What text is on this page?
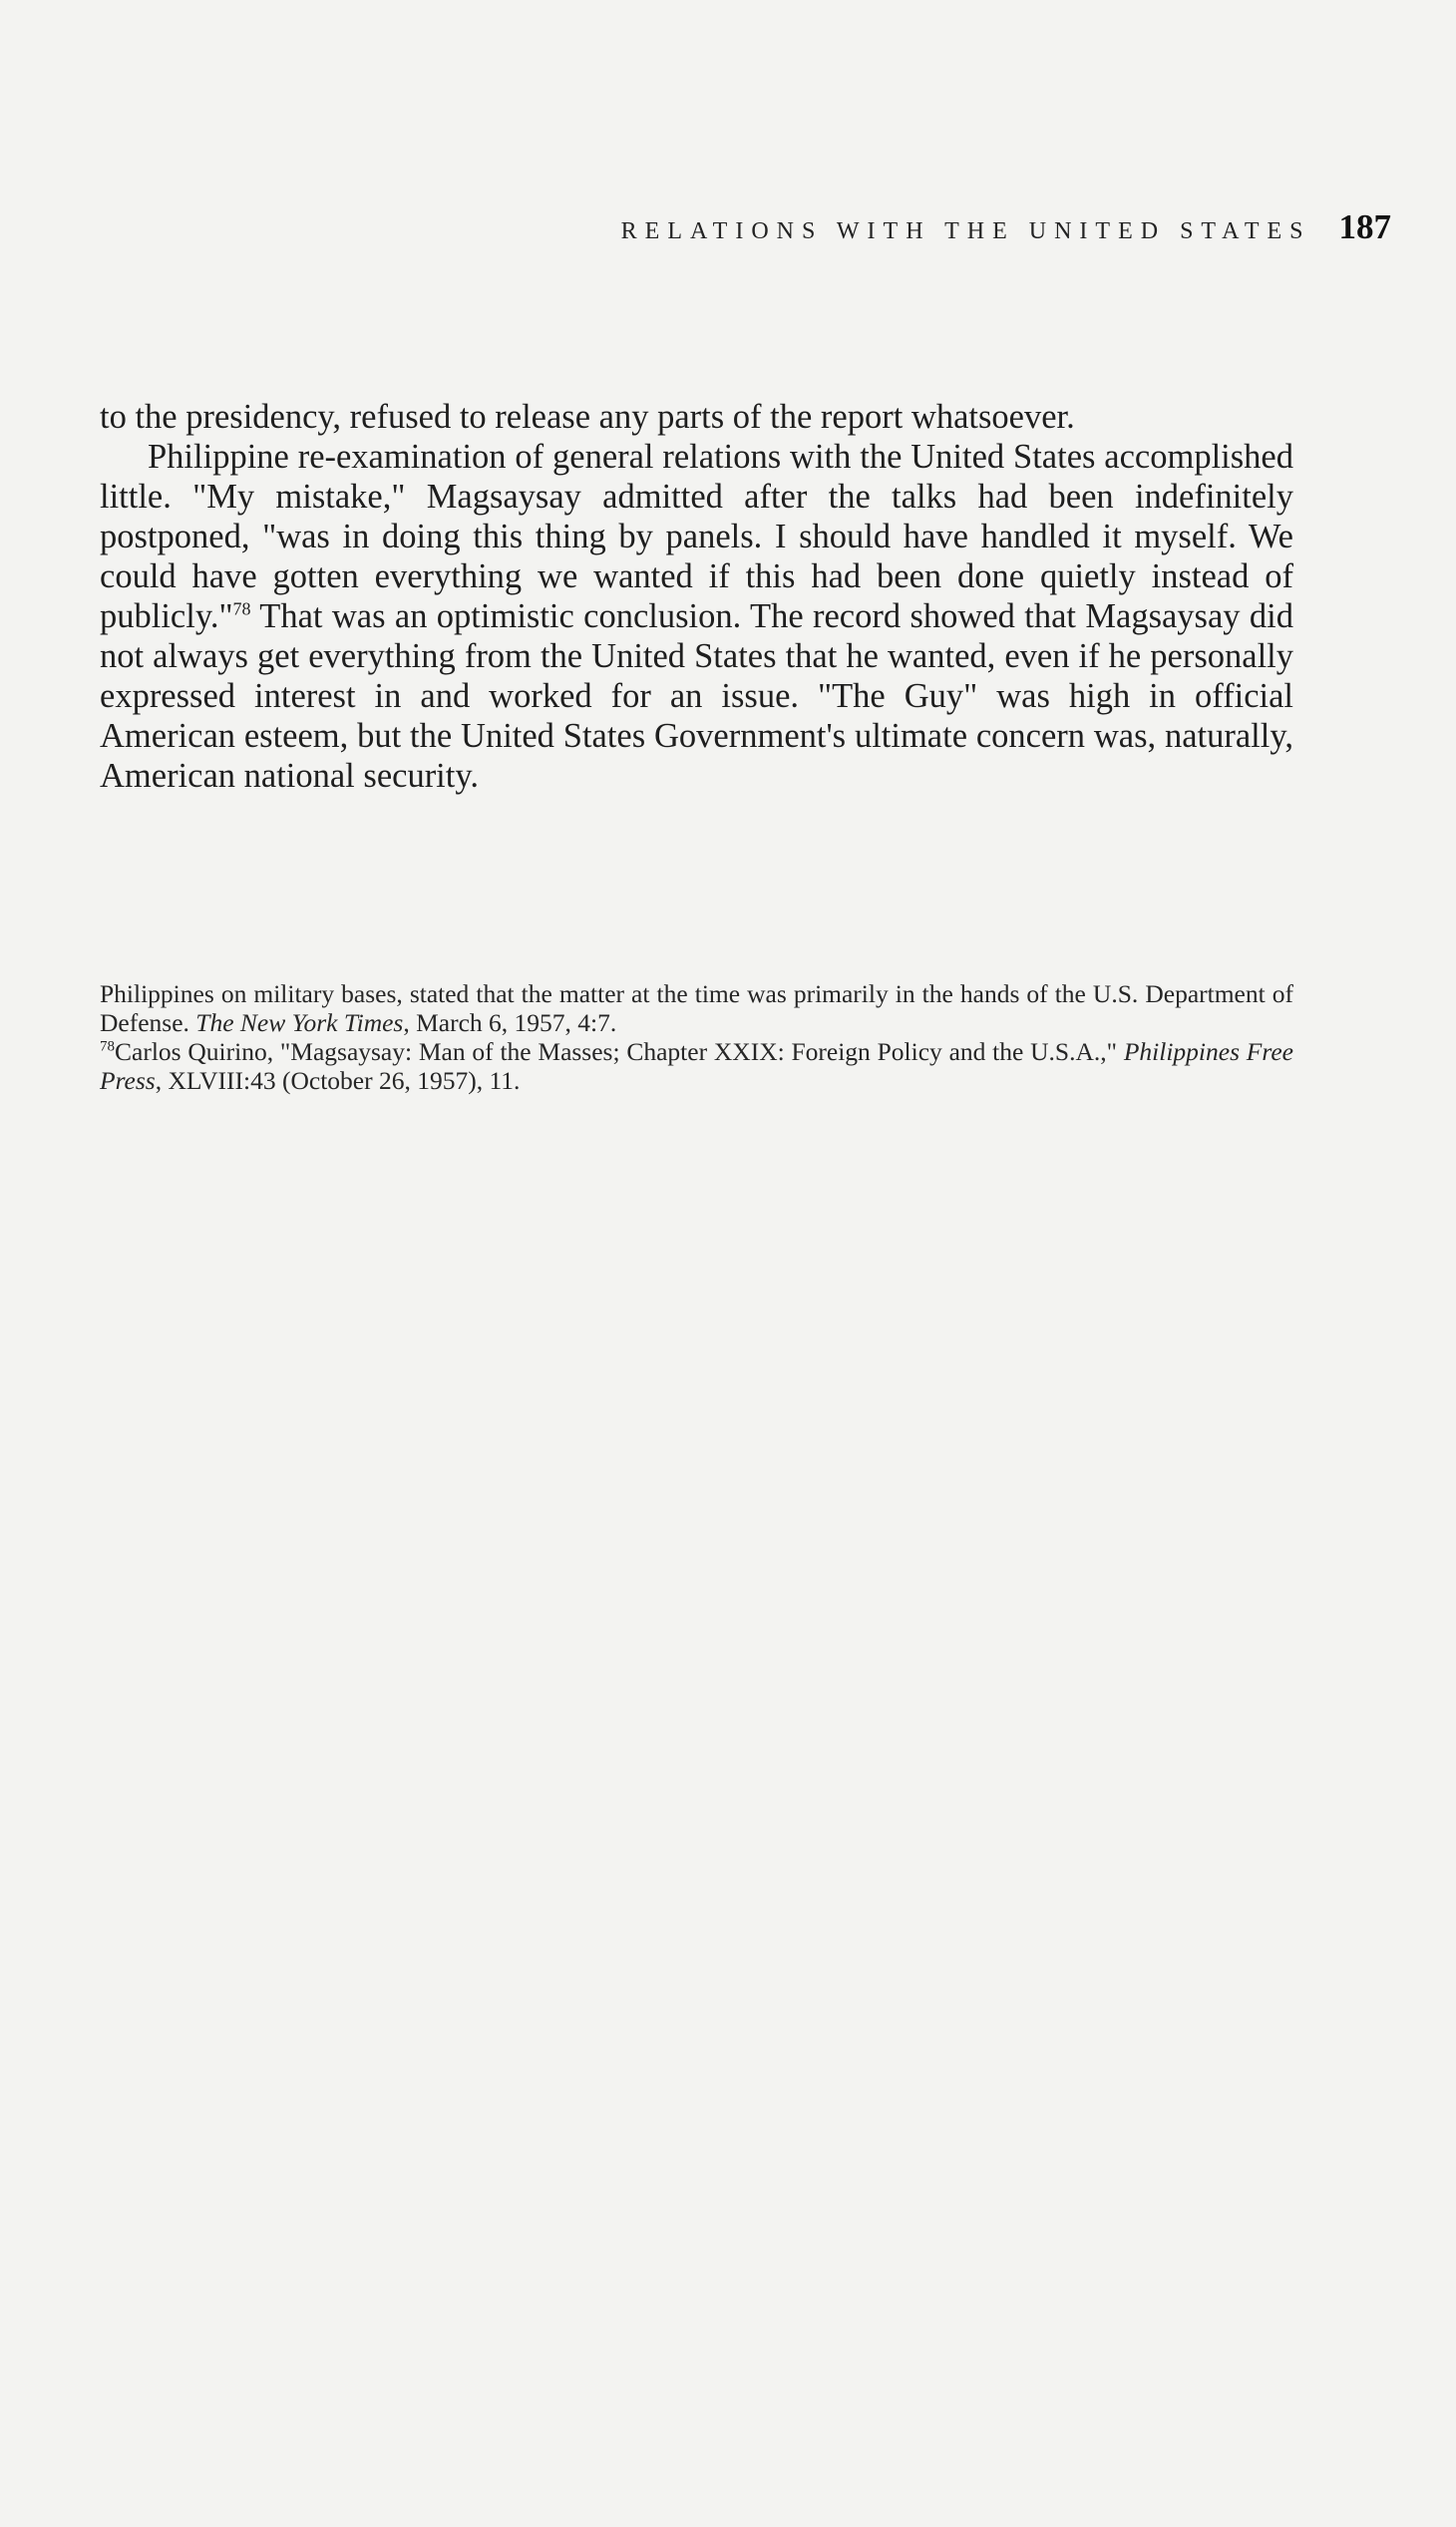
RELATIONS WITH THE UNITED STATES 187

to the presidency, refused to release any parts of the report whatsoever.

Philippine re-examination of general relations with the United States accomplished little. "My mistake," Magsaysay admitted after the talks had been indefinitely postponed, "was in doing this thing by panels. I should have handled it myself. We could have gotten everything we wanted if this had been done quietly instead of publicly."$^{78}$ That was an optimistic conclusion. The record showed that Magsaysay did not always get everything from the United States that he wanted, even if he personally expressed interest in and worked for an issue. "The Guy" was high in official American esteem, but the United States Government's ultimate concern was, naturally, American national security.

Philippines on military bases, stated that the matter at the time was primarily in the hands of the U.S. Department of Defense. The New York Times, March 6, 1957, 4:7.

$^{78}$Carlos Quirino, "Magsaysay: Man of the Masses; Chapter XXIX: Foreign Policy and the U.S.A.," Philippines Free Press, XLVIII:43 (October 26, 1957), 11.
